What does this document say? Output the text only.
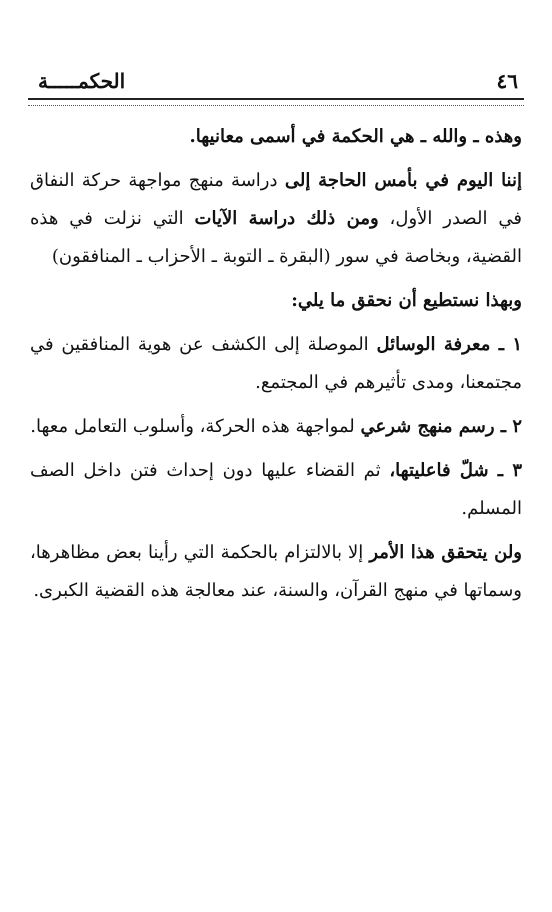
٤٦
الحكمـــــة

وهذه ـ والله ـ هي الحكمة في أسمى معانيها.

إننا اليوم في بأمس الحاجة إلى دراسة منهج مواجهة حركة النفاق في الصدر الأول، ومن ذلك دراسة الآيات التي نزلت في هذه القضية، وبخاصة في سور (البقرة ـ التوبة ـ الأحزاب ـ المنافقون)

وبهذا نستطيع أن نحقق ما يلي:

١ ـ معرفة الوسائل الموصلة إلى الكشف عن هوية المنافقين في مجتمعنا، ومدى تأثيرهم في المجتمع.

٢ ـ رسم منهج شرعي لمواجهة هذه الحركة، وأسلوب التعامل معها.

٣ ـ شلّ فاعليتها، ثم القضاء عليها دون إحداث فتن داخل الصف المسلم.

ولن يتحقق هذا الأمر إلا بالالتزام بالحكمة التي رأينا بعض مظاهرها، وسماتها في منهج القرآن، والسنة، عند معالجة هذه القضية الكبرى.
